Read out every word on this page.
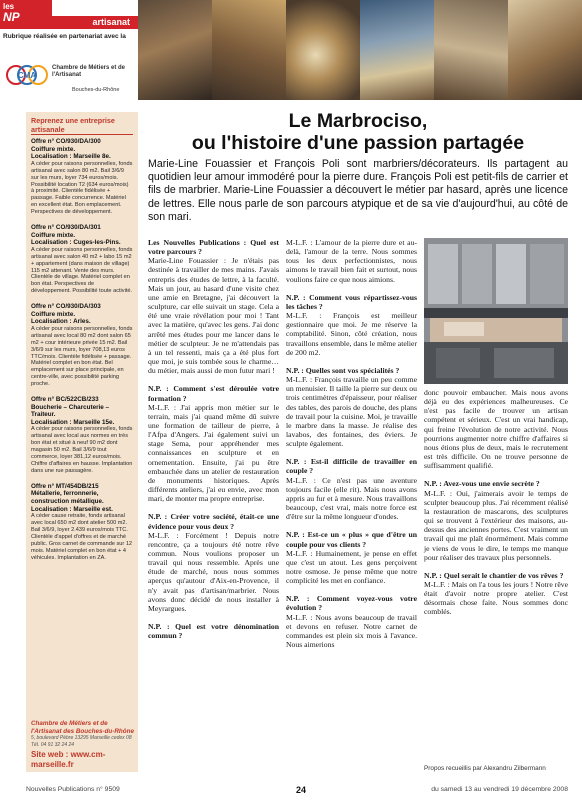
les
NP	artisanat
Rubrique réalisée en partenariat avec la
CMA
Chambre de Métiers et de l'Artisanat
Bouches-du-Rhône
Reprenez une entreprise artisanale
Offre n° CO/930/DA/300
Coiffure mixte.
Localisation : Marseille 8e.
A céder pour raisons personnelles, fonds artisanal avec salon 80 m2. Bail 3/6/9 sur les murs, loyer 734 euros/mois. Possibilité location T2 (634 euros/mois) à proximité. Clientèle fidélisée + passage. Faible concurrence. Matériel en excellent état. Bon emplacement. Perspectives de développement.
Offre n° CO/930/DA/301
Coiffure mixte.
Localisation : Cuges-les-Pins.
A céder pour raisons personnelles, fonds artisanal avec salon 40 m2 + labo 15 m2 + appartement (dans maison de village) 115 m2 attenant. Vente des murs. Clientèle de village. Matériel complet en bon état. Perspectives de développement. Possibilité toute activité.
Offre n° CO/930/DA/303
Coiffure mixte.
Localisation : Arles.
A céder pour raisons personnelles, fonds artisanal avec local 80 m2 dont salon 65 m2 + cour intérieure privée 15 m2. Bail 3/6/9 sur les murs, loyer 708,13 euros TTC/mois. Clientèle fidélisée + passage. Matériel complet en bon état. Bel emplacement sur place principale, en centre-ville, avec possibilité parking proche.
Offre n° BC/522CB/233
Boucherie – Charcuterie – Traiteur.
Localisation : Marseille 15e.
A céder pour raisons personnelles, fonds artisanal avec local aux normes en très bon état et situé à neuf 90 m2 dont magasin 50 m2. Bail 3/6/9 tout commerce, loyer 381,12 euros/mois. Chiffre d'affaires en hausse. Implantation dans une rue passagère.
Offre n° MT/454DB/215
Métallerie, ferronnerie, construction métallique.
Localisation : Marseille est.
A céder cause retraite, fonds artisanal avec local 650 m2 dont atelier 500 m2. Bail 3/6/9, loyer 2.439 euros/mois TTC. Clientèle d'appel d'offres et de marché public. Gros carnet de commande sur 12 mois. Matériel complet en bon état + 4 véhicules. Implantation en ZA.
Chambre de Métiers et de l'Artisanat des Bouches-du-Rhône
5, boulevard Pèbre 13295 Marseille cedex 08 Tél. 04 91 32 24 24
Site web : www.cm-marseille.fr
Le Marbrociso,
ou l'histoire d'une passion partagée
Marie-Line Fouassier et François Poli sont marbriers/décorateurs. Ils partagent au quotidien leur amour immodéré pour la pierre dure. François Poli est petit-fils de carrier et fils de marbrier. Marie-Line Fouassier a découvert le métier par hasard, après une licence de lettres. Elle nous parle de son parcours atypique et de sa vie d'aujourd'hui, au côté de son mari.

Les Nouvelles Publications : Quel est votre parcours ?
Marie-Line Fouassier : Je n'étais pas destinée à travailler de mes mains. J'avais entrepris des études de lettre, à la faculté. Mais un jour, au hasard d'une visite chez une amie en Bretagne, j'ai découvert la sculpture, car elle suivait un stage. Cela a été une vraie révélation pour moi ! Tant avec la matière, qu'avec les gens. J'ai donc arrêté mes études pour me lancer dans le métier de sculpteur. Je ne m'attendais pas à un tel ressenti, mais ça a été plus fort que moi, je suis tombée sous le charme… du métier, mais aussi de mon futur mari !

N.P. : Comment s'est déroulée votre formation ?
M-L.F. : J'ai appris mon métier sur le terrain, mais j'ai quand même dû suivre une formation de tailleur de pierre, à l'Afpa d'Angers. J'ai également suivi un stage Sema, pour appréhender mes connaissances en sculpture et en ornementation. Ensuite, j'ai pu être embauchée dans un atelier de restauration de monuments historiques. Après différents ateliers, j'ai eu envie, avec mon mari, de monter ma propre entreprise.

N.P. : Créer votre société, était-ce une évidence pour vous deux ?
M-L.F. : Forcément ! Depuis notre rencontre, ça a toujours été notre rêve commun. Nous voulions proposer un travail qui nous ressemble. Après une étude de marché, nous nous sommes aperçus qu'autour d'Aix-en-Provence, il n'y avait pas d'artisan/marbrier. Nous avons donc décidé de nous installer à Meyrargues.

N.P. : Quel est votre dénomination commun ?

M-L.F. : L'amour de la pierre dure et au-delà, l'amour de la terre. Nous sommes tous les deux perfectionnistes, nous aimons le travail bien fait et surtout, nous voulions faire ce que nous aimions.

N.P. : Comment vous répartissez-vous les tâches ?
M-L.F. : François est meilleur gestionnaire que moi. Je me réserve la comptabilité. Sinon, côté création, nous travaillons ensemble, dans le même atelier de 200 m2.

N.P. : Quelles sont vos spécialités ?
M-L.F. : François travaille un peu comme un menuisier. Il taille la pierre sur deux ou trois centimètres d'épaisseur, pour réaliser des tables, des parois de douche, des plans de travail pour la cuisine. Moi, je travaille le marbre dans la masse. Je réalise des lavabos, des fontaines, des éviers. Je sculpte également.

N.P. : Est-il difficile de travailler en couple ?
M-L.F. : Ce n'est pas une aventure toujours facile (elle rit). Mais nous avons appris au fur et à mesure. Nous travaillons beaucoup, c'est vrai, mais notre force est d'être sur la même longueur d'ondes.

N.P. : Est-ce un « plus » que d'être un couple pour vos clients ?
M-L.F. : Humainement, je pense en effet que c'est un atout. Les gens perçoivent notre osmose. Je pense même que notre complicité les met en confiance.

N.P. : Comment voyez-vous votre évolution ?
M-L.F. : Nous avons beaucoup de travail et devons en refuser. Notre carnet de commandes est plein six mois à l'avance. Nous aimerions

donc pouvoir embaucher. Mais nous avons déjà eu des expériences malheureuses. Ce n'est pas facile de trouver un artisan compétent et sérieux. C'est un vrai handicap, qui freine l'évolution de notre activité. Nous pourrions augmenter notre chiffre d'affaires si nous étions plus de deux, mais le recrutement est très difficile. On ne trouve personne de suffisamment qualifié.

N.P. : Avez-vous une envie secrète ?
M-L.F. : Oui, j'aimerais avoir le temps de sculpter beaucoup plus. J'ai récemment réalisé la restauration de mascarons, des sculptures qui se trouvent à l'extérieur des maisons, au-dessus des anciennes portes. C'est vraiment un travail qui me plaît énormément. Mais comme je viens de vous le dire, le temps me manque pour réaliser des travaux plus personnels.

N.P. : Quel serait le chantier de vos rêves ?
M-L.F. : Mais on l'a tous les jours ! Notre rêve était d'avoir notre propre atelier. C'est désormais chose faite. Nous sommes donc comblés.

Propos recueillis par Alexandru Zilbermann
Nouvelles Publications n° 9509	24	du samedi 13 au vendredi 19 décembre 2008
